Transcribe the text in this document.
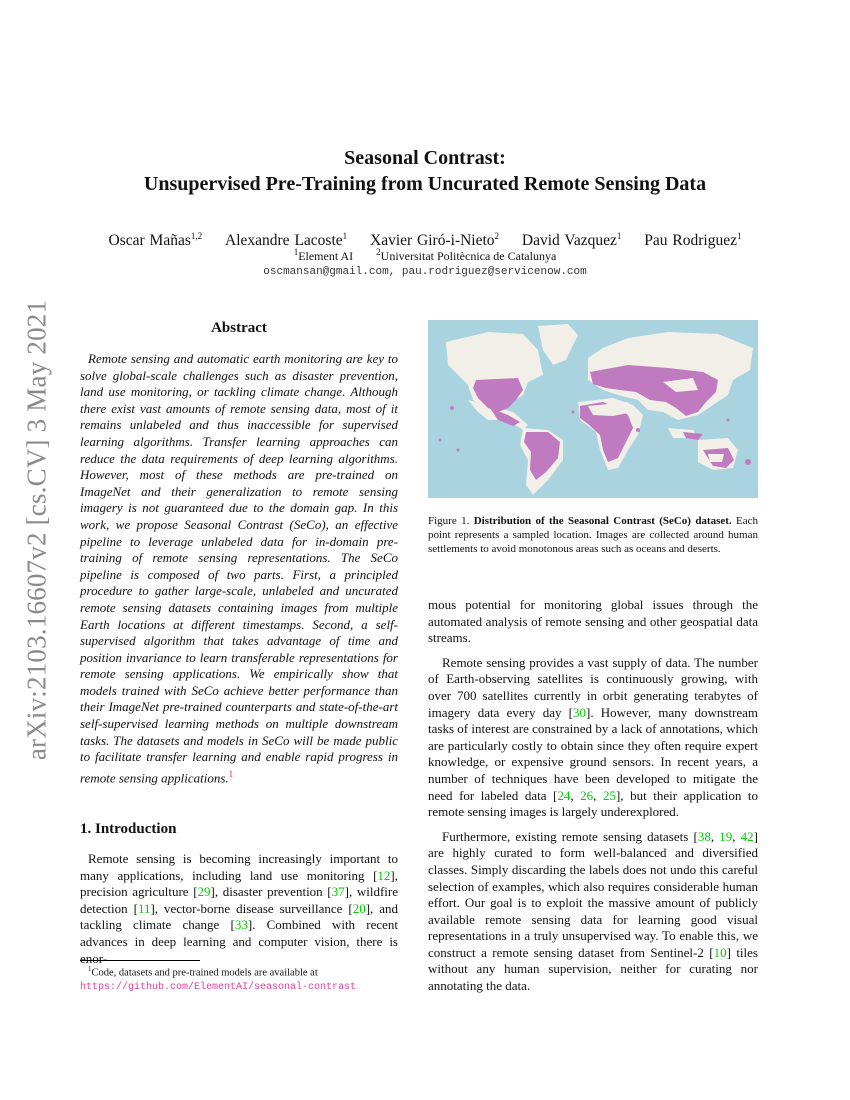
arXiv:2103.16607v2 [cs.CV] 3 May 2021
Seasonal Contrast:
Unsupervised Pre-Training from Uncurated Remote Sensing Data
Oscar Mañas$^{1,2}$ Alexandre Lacoste$^1$ Xavier Giró-i-Nieto$^2$ David Vazquez$^1$ Pau Rodriguez$^1$
$^1$Element AI	$^2$Universitat Politècnica de Catalunya
oscmansan@gmail.com, pau.rodriguez@servicenow.com
Abstract
Remote sensing and automatic earth monitoring are key to solve global-scale challenges such as disaster prevention, land use monitoring, or tackling climate change. Although there exist vast amounts of remote sensing data, most of it remains unlabeled and thus inaccessible for supervised learning algorithms. Transfer learning approaches can reduce the data requirements of deep learning algorithms. However, most of these methods are pre-trained on ImageNet and their generalization to remote sensing imagery is not guaranteed due to the domain gap. In this work, we propose Seasonal Contrast (SeCo), an effective pipeline to leverage unlabeled data for in-domain pre-training of remote sensing representations. The SeCo pipeline is composed of two parts. First, a principled procedure to gather large-scale, unlabeled and uncurated remote sensing datasets containing images from multiple Earth locations at different timestamps. Second, a self-supervised algorithm that takes advantage of time and position invariance to learn transferable representations for remote sensing applications. We empirically show that models trained with SeCo achieve better performance than their ImageNet pre-trained counterparts and state-of-the-art self-supervised learning methods on multiple downstream tasks. The datasets and models in SeCo will be made public to facilitate transfer learning and enable rapid progress in remote sensing applications.$^1$
1. Introduction
Remote sensing is becoming increasingly important to many applications, including land use monitoring [12], precision agriculture [29], disaster prevention [37], wildfire detection [11], vector-borne disease surveillance [20], and tackling climate change [33]. Combined with recent advances in deep learning and computer vision, there is enor-
$^1$Code, datasets and pre-trained models are available at https://github.com/ElementAI/seasonal-contrast
Figure 1. Distribution of the Seasonal Contrast (SeCo) dataset. Each point represents a sampled location. Images are collected around human settlements to avoid monotonous areas such as oceans and deserts.

mous potential for monitoring global issues through the automated analysis of remote sensing and other geospatial data streams.

Remote sensing provides a vast supply of data. The number of Earth-observing satellites is continuously growing, with over 700 satellites currently in orbit generating terabytes of imagery data every day [30]. However, many downstream tasks of interest are constrained by a lack of annotations, which are particularly costly to obtain since they often require expert knowledge, or expensive ground sensors. In recent years, a number of techniques have been developed to mitigate the need for labeled data [24, 26, 25], but their application to remote sensing images is largely underexplored.

Furthermore, existing remote sensing datasets [38, 19, 42] are highly curated to form well-balanced and diversified classes. Simply discarding the labels does not undo this careful selection of examples, which also requires considerable human effort. Our goal is to exploit the massive amount of publicly available remote sensing data for learning good visual representations in a truly unsupervised way. To enable this, we construct a remote sensing dataset from Sentinel-2 [10] tiles without any human supervision, neither for curating nor annotating the data.
